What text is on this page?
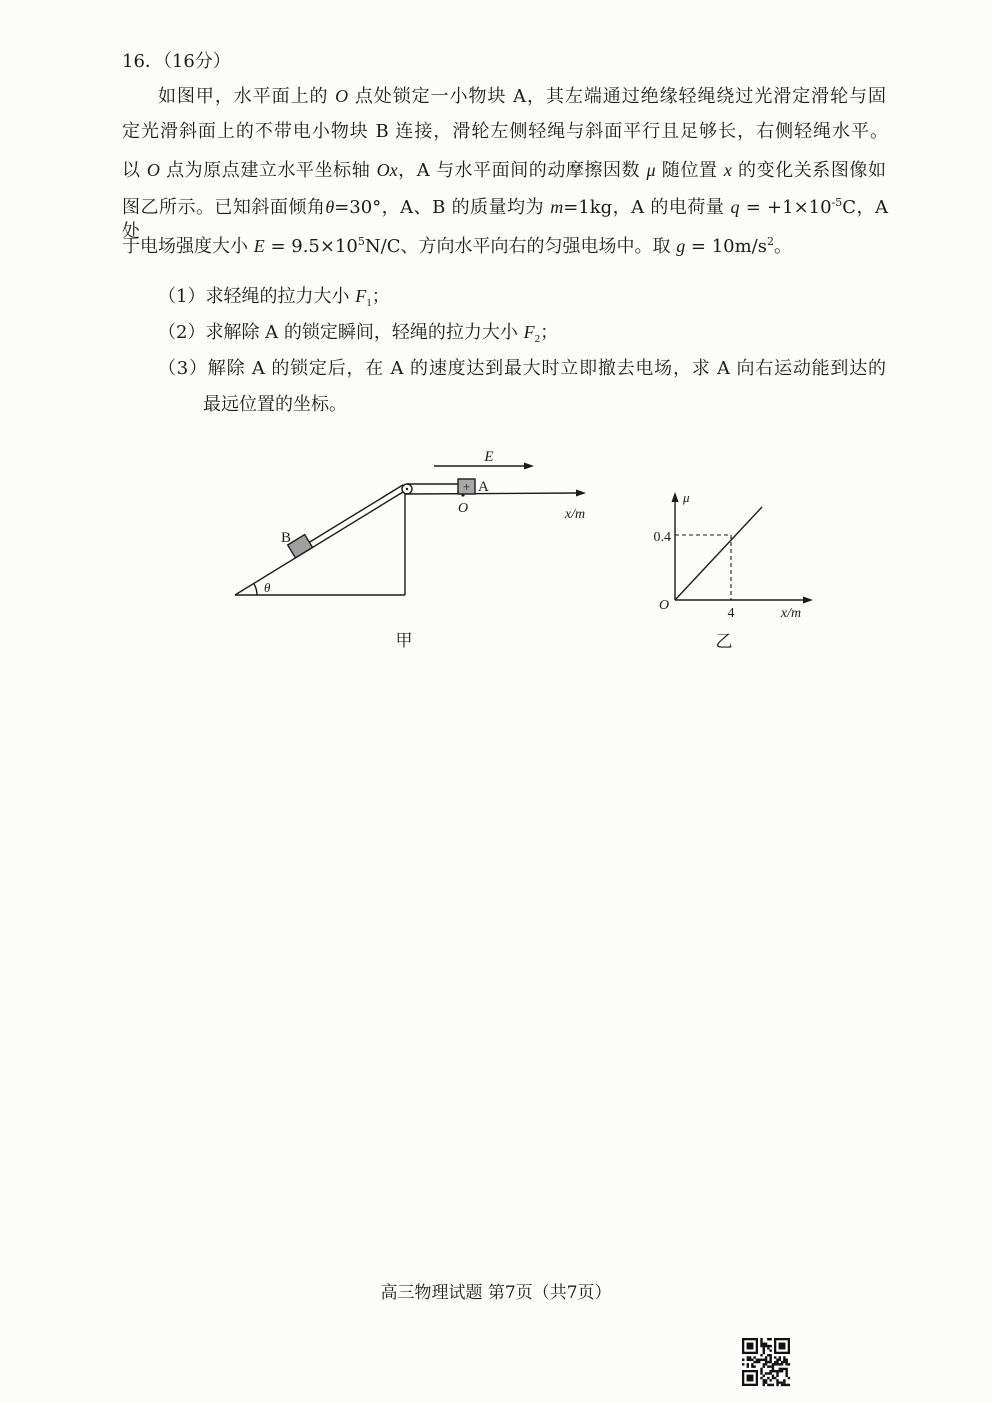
16．（16分）
如图甲，水平面上的 O 点处锁定一小物块 A，其左端通过绝缘轻绳绕过光滑定滑轮与固
定光滑斜面上的不带电小物块 B 连接，滑轮左侧轻绳与斜面平行且足够长，右侧轻绳水平。
以 O 点为原点建立水平坐标轴 Ox，A 与水平面间的动摩擦因数 μ 随位置 x 的变化关系图像如
图乙所示。已知斜面倾角θ=30°，A、B 的质量均为 m=1kg，A 的电荷量 $q = +1\times 10^{-5}C$，A 处
于电场强度大小 $E = 9.5\times 10^5N/C$、方向水平向右的匀强电场中。取 $g = 10m/s^2$。
（1）求轻绳的拉力大小 $F_1$；
（2）求解除 A 的锁定瞬间，轻绳的拉力大小 $F_2$；
（3）解除 A 的锁定后，在 A 的速度达到最大时立即撤去电场，求 A 向右运动能到达的
最远位置的坐标。
E
+ A
O	x/m
B
θ
甲
μ
0.4
O
4	x/m
乙
高三物理试题 第7页（共7页）
